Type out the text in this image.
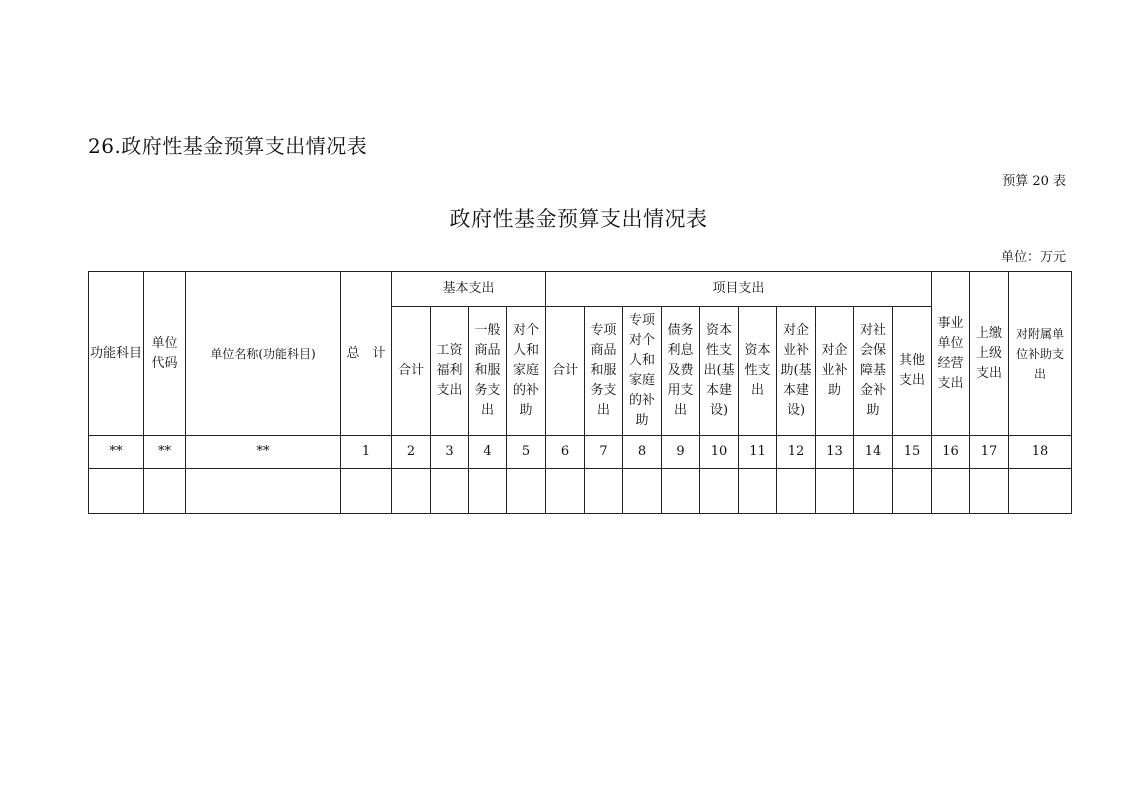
26.政府性基金预算支出情况表
预算 20 表
政府性基金预算支出情况表
单位：万元
功能科目	单位代码	单位名称(功能科目)	总　计	基本支出				项目支出										事业单位经营支出	上缴上级支出	对附属单位补助支出
				合计	工资福利支出	一般商品和服务支出	对个人和家庭的补助	合计	专项商品和服务支出	专项对个人和家庭的补助	债务利息及费用支出	资本性支出(基本建设)	资本性支出	对企业补助(基本建设)	对企业补助	对社会保障基金补助	其他支出			
**	**	**	1	2	3	4	5	6	7	8	9	10	11	12	13	14	15	16	17	18
